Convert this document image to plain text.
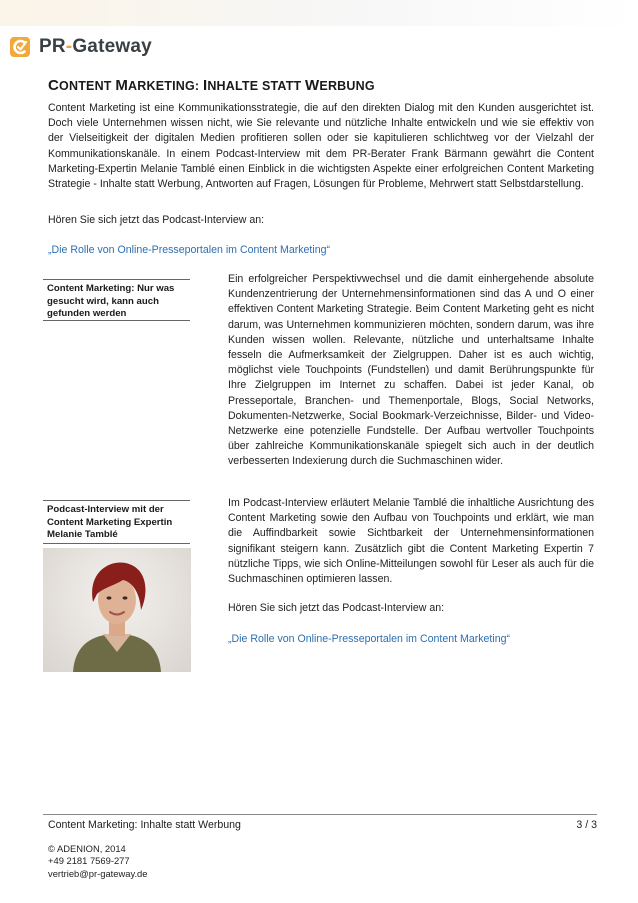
PR-Gateway
CONTENT MARKETING: INHALTE STATT WERBUNG

Content Marketing ist eine Kommunikationsstrategie, die auf den direkten Dialog mit den Kunden ausgerichtet ist. Doch viele Unternehmen wissen nicht, wie Sie relevante und nützliche Inhalte entwickeln und wie sie effektiv von der Vielseitigkeit der digitalen Medien profitieren sollen oder sie kapitulieren schlichtweg vor der Vielzahl der Kommunikationskanäle. In einem Podcast-Interview mit dem PR-Berater Frank Bärmann gewährt die Content Marketing-Expertin Melanie Tamblé einen Einblick in die wichtigsten Aspekte einer erfolgreichen Content Marketing Strategie - Inhalte statt Werbung, Antworten auf Fragen, Lösungen für Probleme, Mehrwert statt Selbstdarstellung.

Hören Sie sich jetzt das Podcast-Interview an:
„Die Rolle von Online-Presseportalen im Content Marketing“
Content Marketing: Nur was gesucht wird, kann auch gefunden werden

Ein erfolgreicher Perspektivwechsel und die damit einhergehende absolute Kundenzentrierung der Unternehmensinformationen sind das A und O einer effektiven Content Marketing Strategie. Beim Content Marketing geht es nicht darum, was Unternehmen kommunizieren möchten, sondern darum, was ihre Kunden wissen wollen. Relevante, nützliche und unterhaltsame Inhalte fesseln die Aufmerksamkeit der Zielgruppen. Daher ist es auch wichtig, möglichst viele Touchpoints (Fundstellen) und damit Berührungspunkte für Ihre Zielgruppen im Internet zu schaffen. Dabei ist jeder Kanal, ob Presseportale, Branchen- und Themenportale, Blogs, Social Networks, Dokumenten-Netzwerke, Social Bookmark-Verzeichnisse, Bilder- und Video-Netzwerke eine potenzielle Fundstelle. Der Aufbau wertvoller Touchpoints über zahlreiche Kommunikationskanäle spiegelt sich auch in der deutlich verbesserten Indexierung durch die Suchmaschinen wider.

Podcast-Interview mit der Content Marketing Expertin Melanie Tamblé

Im Podcast-Interview erläutert Melanie Tamblé die inhaltliche Ausrichtung des Content Marketing sowie den Aufbau von Touchpoints und erklärt, wie man die Auffindbarkeit sowie Sichtbarkeit der Unternehmensinformationen signifikant steigern kann. Zusätzlich gibt die Content Marketing Expertin 7 nützliche Tipps, wie sich Online-Mitteilungen sowohl für Leser als auch für die Suchmaschinen optimieren lassen.

Hören Sie sich jetzt das Podcast-Interview an:
„Die Rolle von Online-Presseportalen im Content Marketing“
Content Marketing: Inhalte statt Werbung	3 / 3
© ADENION, 2014
+49 2181 7569-277
vertrieb@pr-gateway.de
